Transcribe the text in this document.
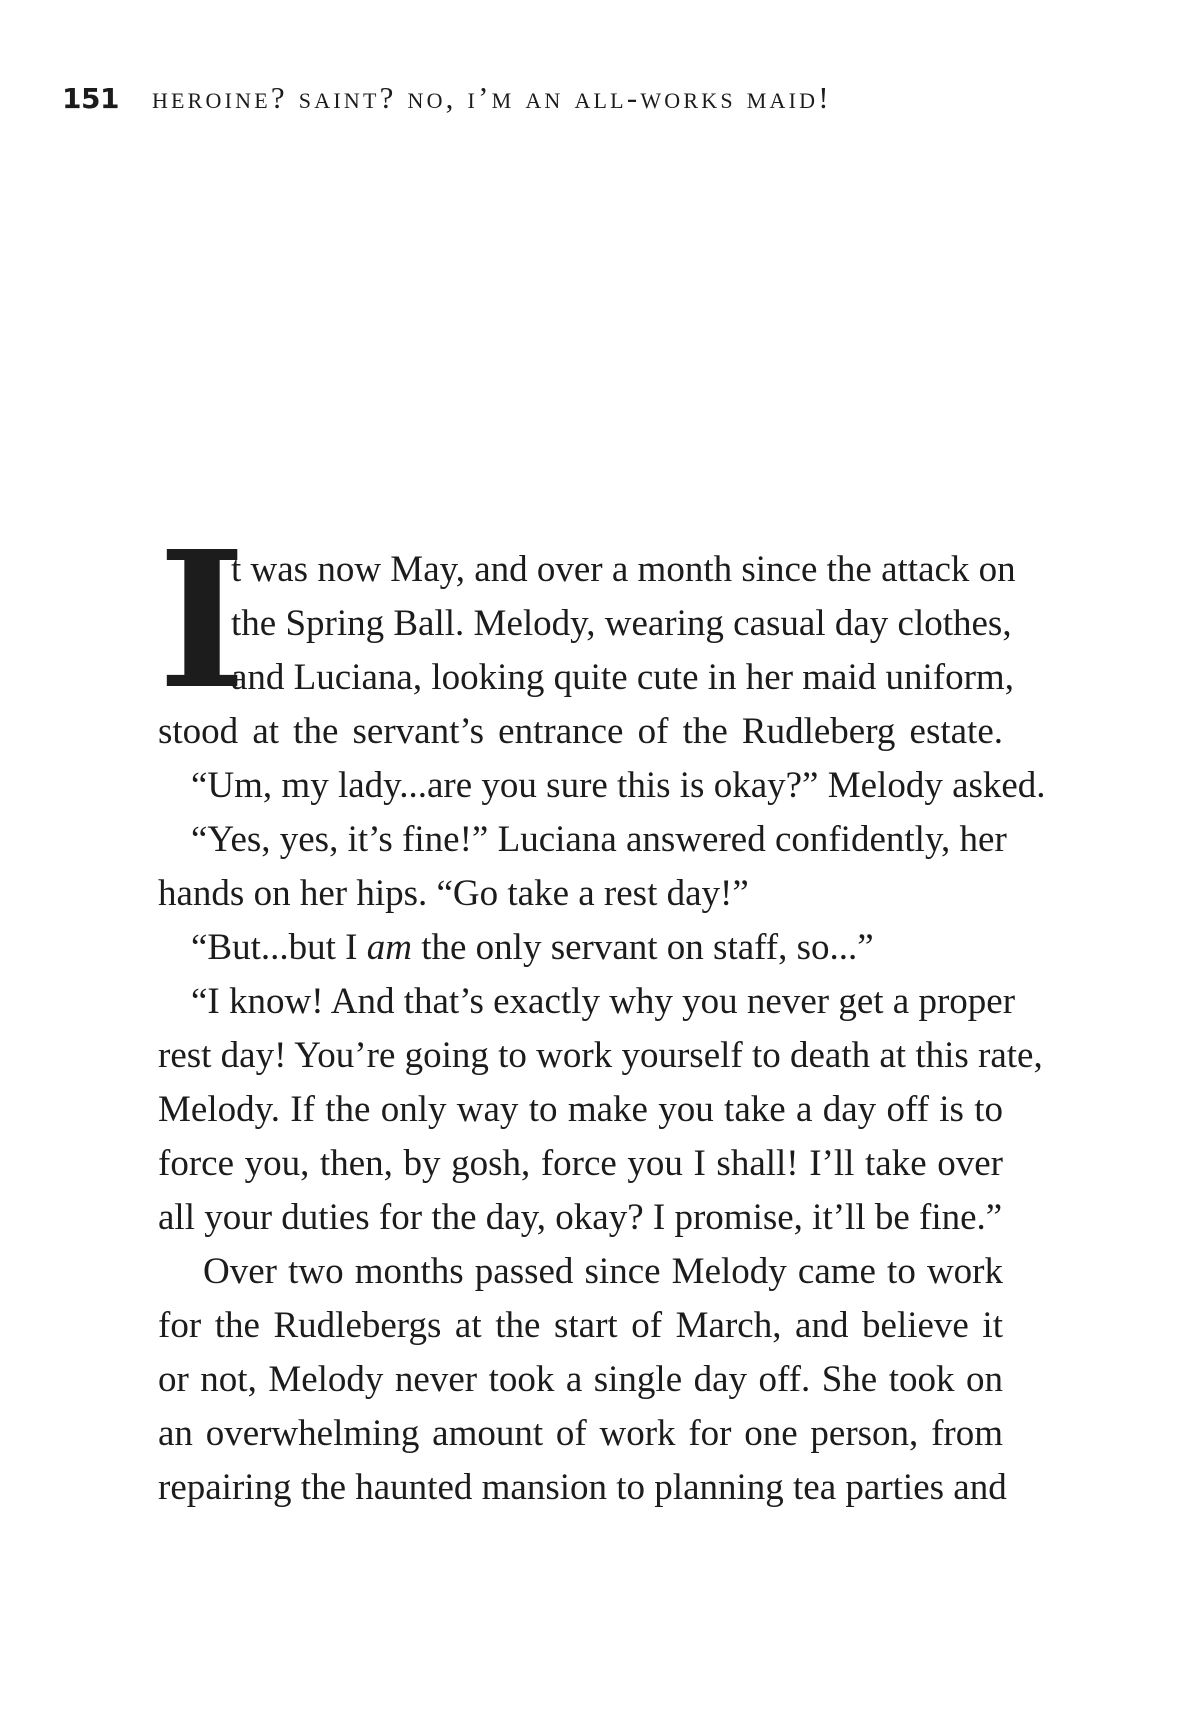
151 heroine? saint? no, i’m an all-works maid!
I
t was now May, and over a month since the attack on
the Spring Ball. Melody, wearing casual day clothes,
and Luciana, looking quite cute in her maid uniform,
stood at the servant’s entrance of the Rudleberg estate.
“Um, my lady...are you sure this is okay?” Melody asked.
“Yes, yes, it’s fine!” Luciana answered confidently, her
hands on her hips. “Go take a rest day!”
“But...but I am the only servant on staff, so...”
“I know! And that’s exactly why you never get a proper
rest day! You’re going to work yourself to death at this rate,
Melody. If the only way to make you take a day off is to
force you, then, by gosh, force you I shall! I’ll take over
all your duties for the day, okay? I promise, it’ll be fine.”
Over two months passed since Melody came to work
for the Rudlebergs at the start of March, and believe it
or not, Melody never took a single day off. She took on
an overwhelming amount of work for one person, from
repairing the haunted mansion to planning tea parties and
